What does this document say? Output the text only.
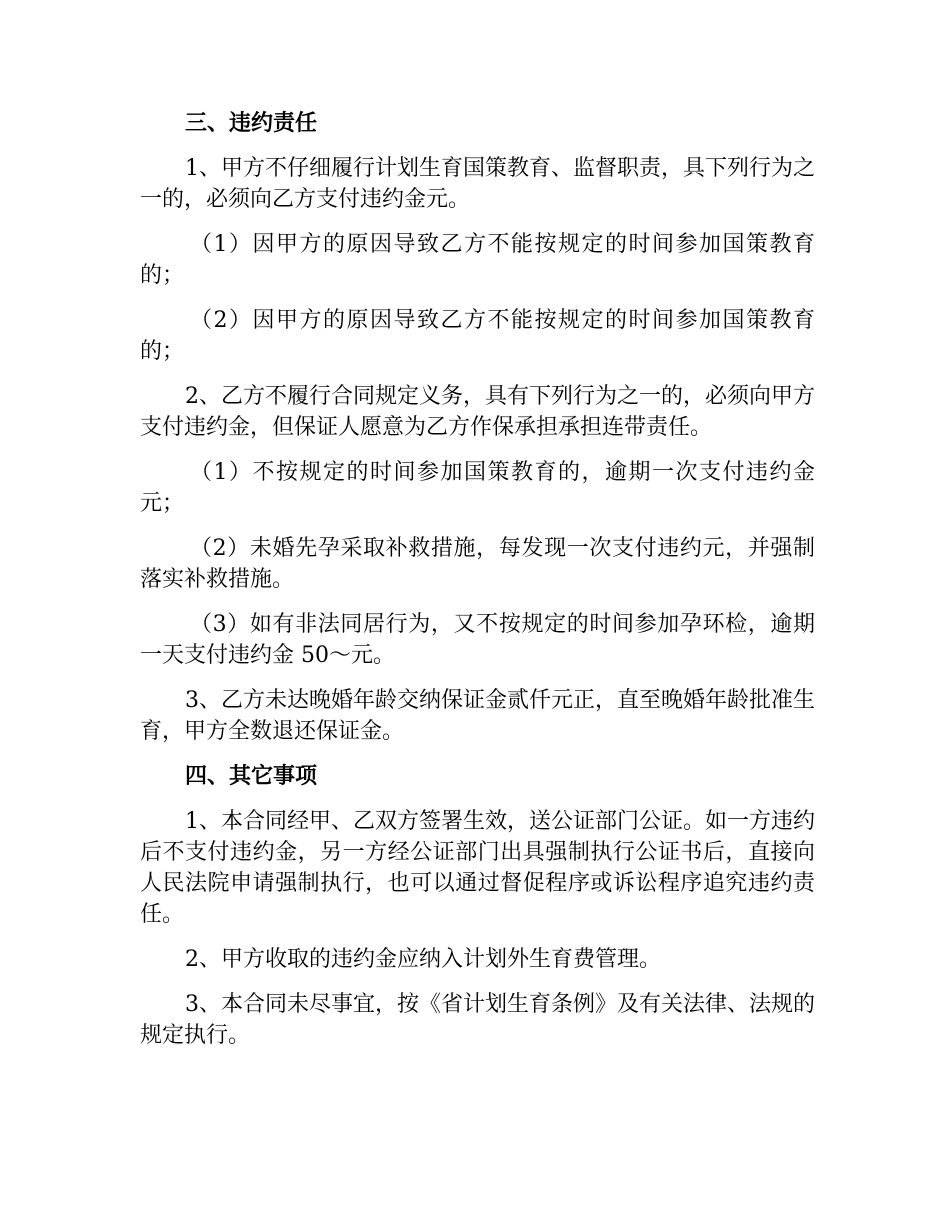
三、违约责任

1、甲方不仔细履行计划生育国策教育、监督职责，具下列行为之一的，必须向乙方支付违约金元。

（1）因甲方的原因导致乙方不能按规定的时间参加国策教育的；

（2）因甲方的原因导致乙方不能按规定的时间参加国策教育的；

2、乙方不履行合同规定义务，具有下列行为之一的，必须向甲方支付违约金，但保证人愿意为乙方作保承担承担连带责任。

（1）不按规定的时间参加国策教育的，逾期一次支付违约金元；

（2）未婚先孕采取补救措施，每发现一次支付违约元，并强制落实补救措施。

（3）如有非法同居行为，又不按规定的时间参加孕环检，逾期一天支付违约金 50～元。

3、乙方未达晚婚年龄交纳保证金贰仟元正，直至晚婚年龄批准生育，甲方全数退还保证金。

四、其它事项

1、本合同经甲、乙双方签署生效，送公证部门公证。如一方违约后不支付违约金，另一方经公证部门出具强制执行公证书后，直接向人民法院申请强制执行，也可以通过督促程序或诉讼程序追究违约责任。

2、甲方收取的违约金应纳入计划外生育费管理。

3、本合同未尽事宜，按《省计划生育条例》及有关法律、法规的规定执行。
